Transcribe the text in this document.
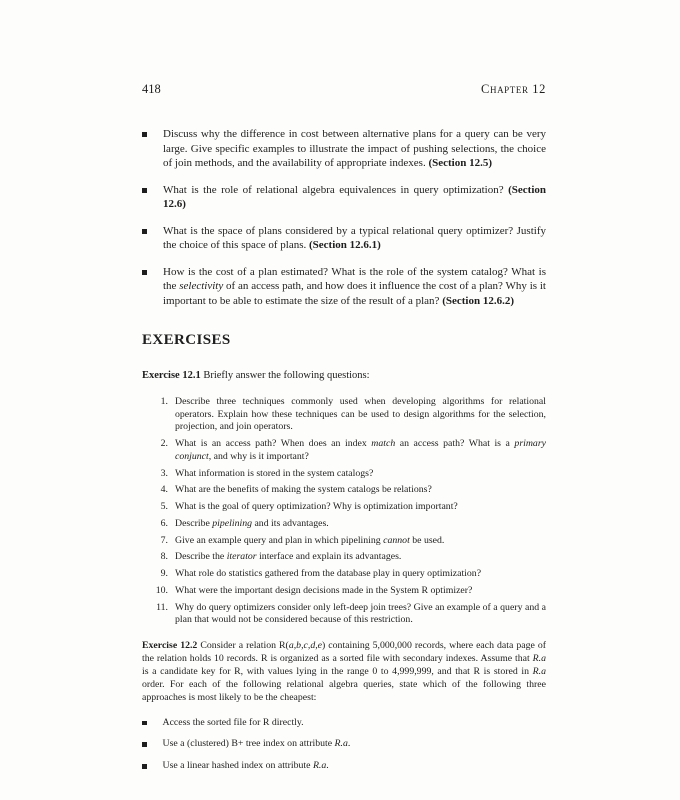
418	Chapter 12
Discuss why the difference in cost between alternative plans for a query can be very large. Give specific examples to illustrate the impact of pushing selections, the choice of join methods, and the availability of appropriate indexes. (Section 12.5)
What is the role of relational algebra equivalences in query optimization? (Section 12.6)
What is the space of plans considered by a typical relational query optimizer? Justify the choice of this space of plans. (Section 12.6.1)
How is the cost of a plan estimated? What is the role of the system catalog? What is the selectivity of an access path, and how does it influence the cost of a plan? Why is it important to be able to estimate the size of the result of a plan? (Section 12.6.2)
EXERCISES

Exercise 12.1 Briefly answer the following questions:

1. Describe three techniques commonly used when developing algorithms for relational operators. Explain how these techniques can be used to design algorithms for the selection, projection, and join operators.
2. What is an access path? When does an index match an access path? What is a primary conjunct, and why is it important?
3. What information is stored in the system catalogs?
4. What are the benefits of making the system catalogs be relations?
5. What is the goal of query optimization? Why is optimization important?
6. Describe pipelining and its advantages.
7. Give an example query and plan in which pipelining cannot be used.
8. Describe the iterator interface and explain its advantages.
9. What role do statistics gathered from the database play in query optimization?
10. What were the important design decisions made in the System R optimizer?
11. Why do query optimizers consider only left-deep join trees? Give an example of a query and a plan that would not be considered because of this restriction.

Exercise 12.2 Consider a relation R(a,b,c,d,e) containing 5,000,000 records, where each data page of the relation holds 10 records. R is organized as a sorted file with secondary indexes. Assume that R.a is a candidate key for R, with values lying in the range 0 to 4,999,999, and that R is stored in R.a order. For each of the following relational algebra queries, state which of the following three approaches is most likely to be the cheapest:

Access the sorted file for R directly.
Use a (clustered) B+ tree index on attribute R.a.
Use a linear hashed index on attribute R.a.
